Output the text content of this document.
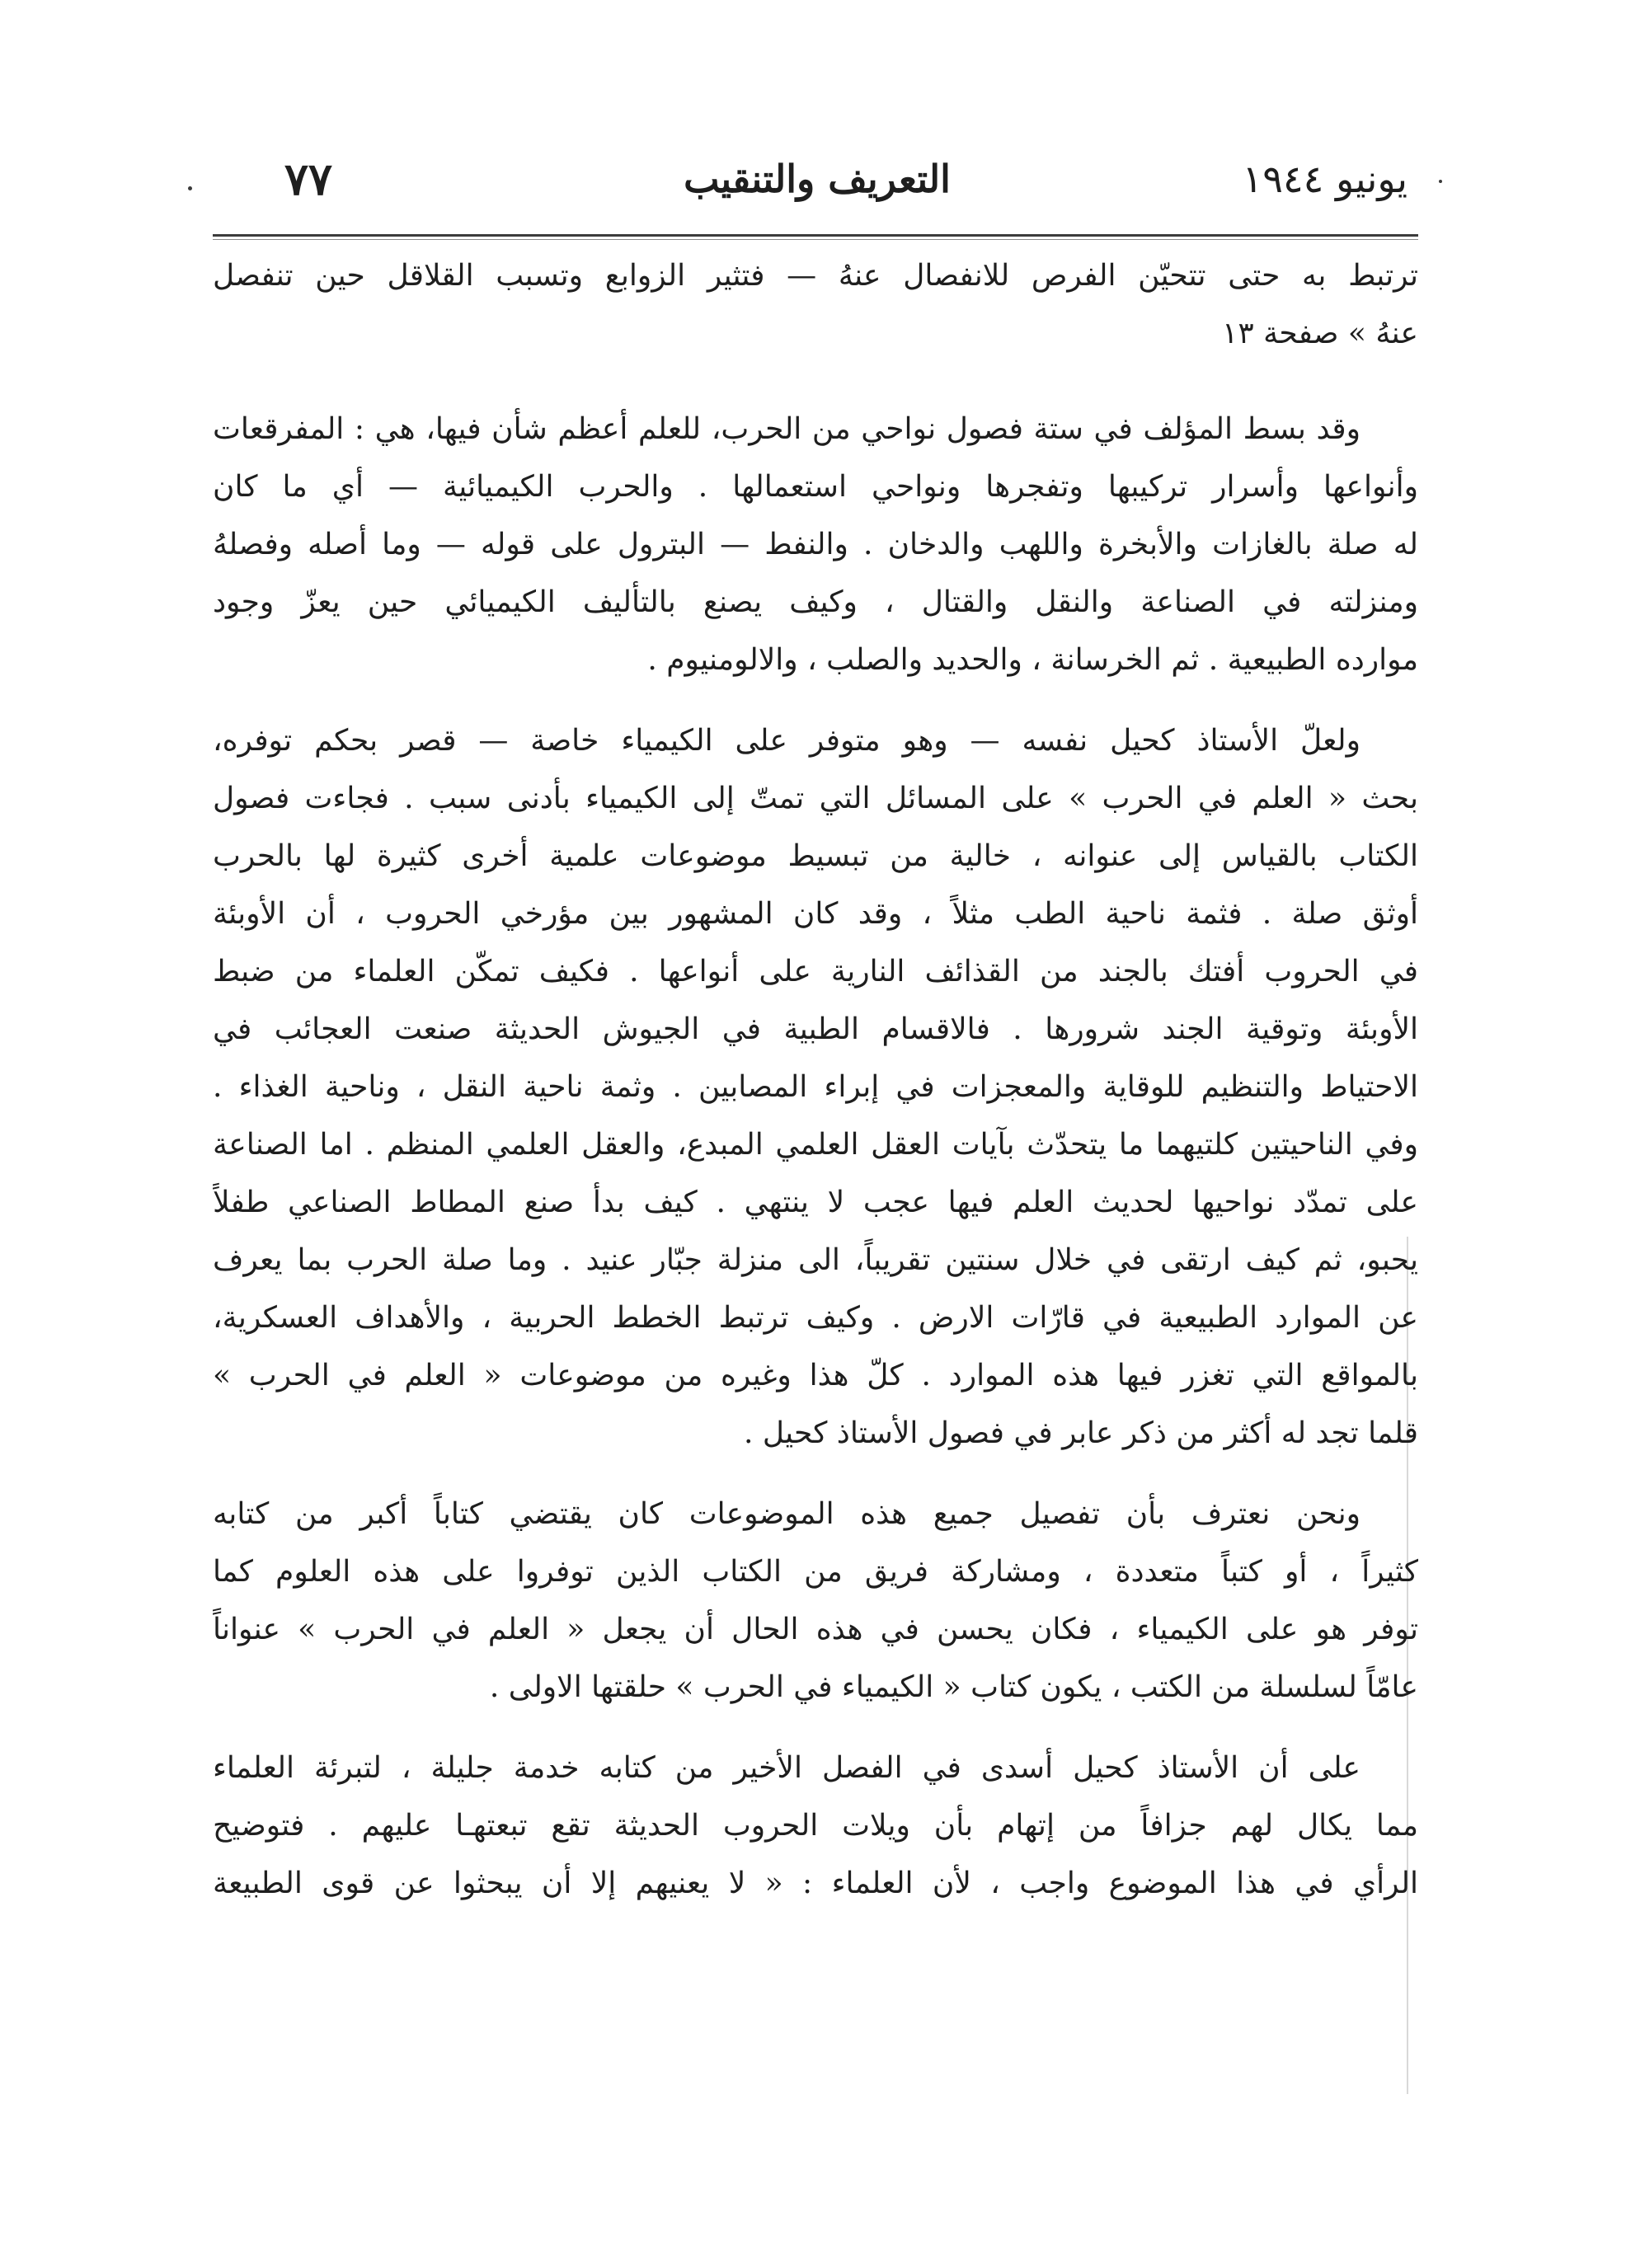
يونيو ١٩٤٤
التعريف والتنقيب
٧٧
ترتبط به حتى تتحيّن الفرص للانفصال عنهُ — فتثير الزوابع وتسبب القلاقل حين تنفصل
عنهُ » صفحة ١٣
وقد بسط المؤلف في ستة فصول نواحي من الحرب، للعلم أعظم شأن فيها، هي : المفرقعات
وأنواعها وأسرار تركيبها وتفجرها ونواحي استعمالها . والحرب الكيميائية — أي ما كان
له صلة بالغازات والأبخرة واللهب والدخان . والنفط — البترول على قوله — وما أصله وفصلهُ
ومنزلته في الصناعة والنقل والقتال ، وكيف يصنع بالتأليف الكيميائي حين يعزّ وجود
موارده الطبيعية . ثم الخرسانة ، والحديد والصلب ، والالومنيوم .
ولعلّ الأستاذ كحيل نفسه — وهو متوفر على الكيمياء خاصة — قصر بحكم توفره،
بحث « العلم في الحرب » على المسائل التي تمتّ إلى الكيمياء بأدنى سبب . فجاءت فصول
الكتاب بالقياس إلى عنوانه ، خالية من تبسيط موضوعات علمية أخرى كثيرة لها بالحرب
أوثق صلة . فثمة ناحية الطب مثلاً ، وقد كان المشهور بين مؤرخي الحروب ، أن الأوبئة
في الحروب أفتك بالجند من القذائف النارية على أنواعها . فكيف تمكّن العلماء من ضبط
الأوبئة وتوقية الجند شرورها . فالاقسام الطبية في الجيوش الحديثة صنعت العجائب في
الاحتياط والتنظيم للوقاية والمعجزات في إبراء المصابين . وثمة ناحية النقل ، وناحية الغذاء .
وفي الناحيتين كلتيهما ما يتحدّث بآيات العقل العلمي المبدع، والعقل العلمي المنظم . اما الصناعة
على تمدّد نواحيها لحديث العلم فيها عجب لا ينتهي . كيف بدأ صنع المطاط الصناعي طفلاً
يحبو، ثم كيف ارتقى في خلال سنتين تقريباً، الى منزلة جبّار عنيد . وما صلة الحرب بما يعرف
عن الموارد الطبيعية في قارّات الارض . وكيف ترتبط الخطط الحربية ، والأهداف العسكرية،
بالمواقع التي تغزر فيها هذه الموارد . كلّ هذا وغيره من موضوعات « العلم في الحرب »
قلما تجد له أكثر من ذكر عابر في فصول الأستاذ كحيل .
ونحن نعترف بأن تفصيل جميع هذه الموضوعات كان يقتضي كتاباً أكبر من كتابه
كثيراً ، أو كتباً متعددة ، ومشاركة فريق من الكتاب الذين توفروا على هذه العلوم كما
توفر هو على الكيمياء ، فكان يحسن في هذه الحال أن يجعل « العلم في الحرب » عنواناً
عامّاً لسلسلة من الكتب ، يكون كتاب « الكيمياء في الحرب » حلقتها الاولى .
على أن الأستاذ كحيل أسدى في الفصل الأخير من كتابه خدمة جليلة ، لتبرئة العلماء
مما يكال لهم جزافاً من إتهام بأن ويلات الحروب الحديثة تقع تبعتهـا عليهم . فتوضيح
الرأي في هذا الموضوع واجب ، لأن العلماء : « لا يعنيهم إلا أن يبحثوا عن قوى الطبيعة
